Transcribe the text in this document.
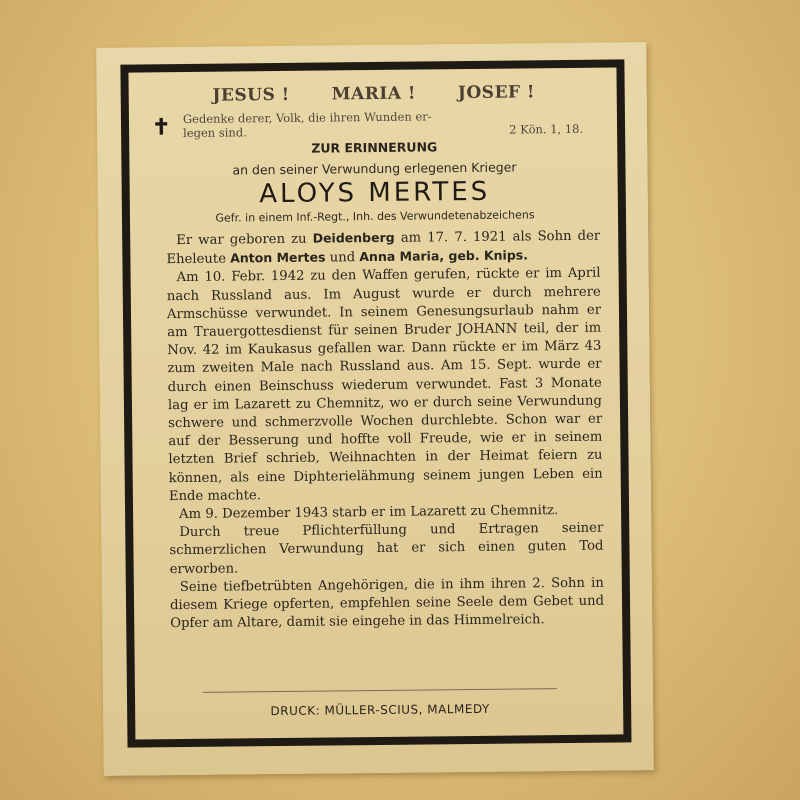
JESUS ! MARIA ! JOSEF !
✝ Gedenke derer, Volk, die ihren Wunden er-
legen sind.	2 Kön. 1, 18.
ZUR ERINNERUNG
an den seiner Verwundung erlegenen Krieger
ALOYS MERTES
Gefr. in einem Inf.-Regt., Inh. des Verwundetenabzeichens

Er war geboren zu Deidenberg am 17. 7. 1921 als Sohn der Eheleute Anton Mertes und Anna Maria, geb. Knips.

Am 10. Febr. 1942 zu den Waffen gerufen, rückte er im April nach Russland aus. Im August wurde er durch mehrere Armschüsse verwundet. In seinem Genesungsurlaub nahm er am Trauergottesdienst für seinen Bruder JOHANN teil, der im Nov. 42 im Kaukasus gefallen war. Dann rückte er im März 43 zum zweiten Male nach Russland aus. Am 15. Sept. wurde er durch einen Beinschuss wiederum verwundet. Fast 3 Monate lag er im Lazarett zu Chemnitz, wo er durch seine Verwundung schwere und schmerzvolle Wochen durchlebte. Schon war er auf der Besserung und hoffte voll Freude, wie er in seinem letzten Brief schrieb, Weihnachten in der Heimat feiern zu können, als eine Diphterielähmung seinem jungen Leben ein Ende machte.

Am 9. Dezember 1943 starb er im Lazarett zu Chemnitz.

Durch treue Pflichterfüllung und Ertragen seiner schmerzlichen Verwundung hat er sich einen guten Tod erworben.

Seine tiefbetrübten Angehörigen, die in ihm ihren 2. Sohn in diesem Kriege opferten, empfehlen seine Seele dem Gebet und Opfer am Altare, damit sie eingehe in das Himmelreich.

DRUCK: MÜLLER-SCIUS, MALMEDY
